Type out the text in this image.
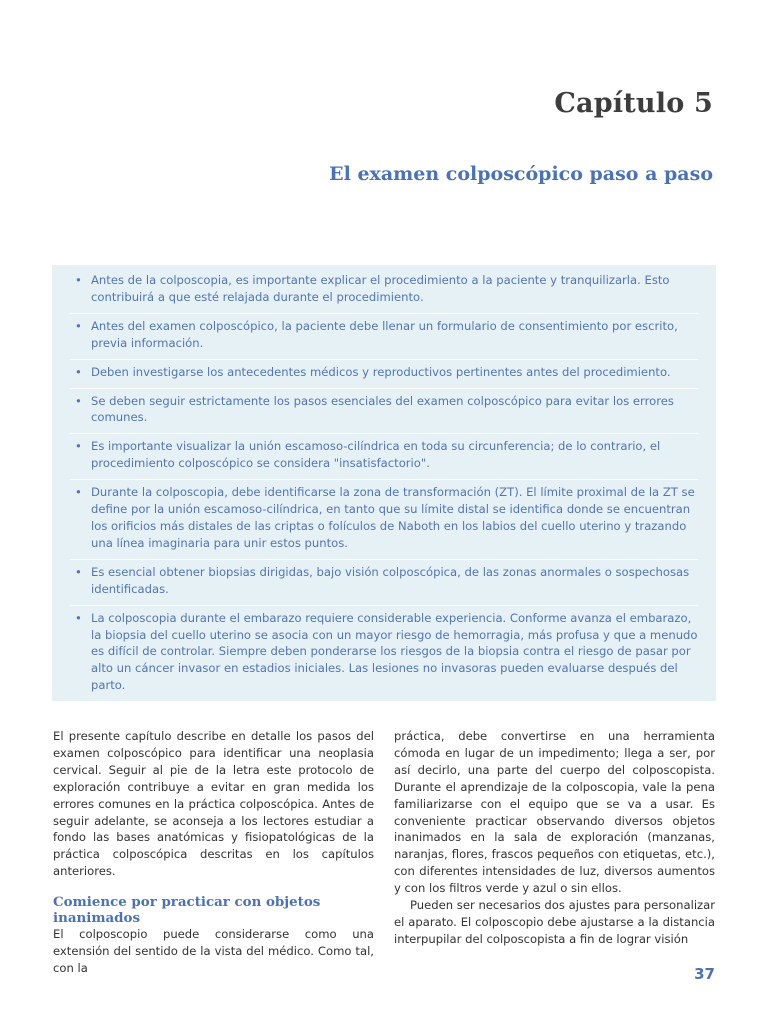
Capítulo 5
El examen colposcópico paso a paso
• Antes de la colposcopia, es importante explicar el procedimiento a la paciente y tranquilizarla. Esto contribuirá a que esté relajada durante el procedimiento.
• Antes del examen colposcópico, la paciente debe llenar un formulario de consentimiento por escrito, previa información.
• Deben investigarse los antecedentes médicos y reproductivos pertinentes antes del procedimiento.
• Se deben seguir estrictamente los pasos esenciales del examen colposcópico para evitar los errores comunes.
• Es importante visualizar la unión escamoso-cilíndrica en toda su circunferencia; de lo contrario, el procedimiento colposcópico se considera "insatisfactorio".
• Durante la colposcopia, debe identificarse la zona de transformación (ZT). El límite proximal de la ZT se define por la unión escamoso-cilíndrica, en tanto que su límite distal se identifica donde se encuentran los orificios más distales de las criptas o folículos de Naboth en los labios del cuello uterino y trazando una línea imaginaria para unir estos puntos.
• Es esencial obtener biopsias dirigidas, bajo visión colposcópica, de las zonas anormales o sospechosas identificadas.
• La colposcopia durante el embarazo requiere considerable experiencia. Conforme avanza el embarazo, la biopsia del cuello uterino se asocia con un mayor riesgo de hemorragia, más profusa y que a menudo es difícil de controlar. Siempre deben ponderarse los riesgos de la biopsia contra el riesgo de pasar por alto un cáncer invasor en estadios iniciales. Las lesiones no invasoras pueden evaluarse después del parto.

El presente capítulo describe en detalle los pasos del examen colposcópico para identificar una neoplasia cervical. Seguir al pie de la letra este protocolo de exploración contribuye a evitar en gran medida los errores comunes en la práctica colposcópica. Antes de seguir adelante, se aconseja a los lectores estudiar a fondo las bases anatómicas y fisiopatológicas de la práctica colposcópica descritas en los capítulos anteriores.

Comience por practicar con objetos inanimados

El colposcopio puede considerarse como una extensión del sentido de la vista del médico. Como tal, con la

práctica, debe convertirse en una herramienta cómoda en lugar de un impedimento; llega a ser, por así decirlo, una parte del cuerpo del colposcopista. Durante el aprendizaje de la colposcopia, vale la pena familiarizarse con el equipo que se va a usar. Es conveniente practicar observando diversos objetos inanimados en la sala de exploración (manzanas, naranjas, flores, frascos pequeños con etiquetas, etc.), con diferentes intensidades de luz, diversos aumentos y con los filtros verde y azul o sin ellos.

Pueden ser necesarios dos ajustes para personalizar el aparato. El colposcopio debe ajustarse a la distancia interpupilar del colposcopista a fin de lograr visión

37
